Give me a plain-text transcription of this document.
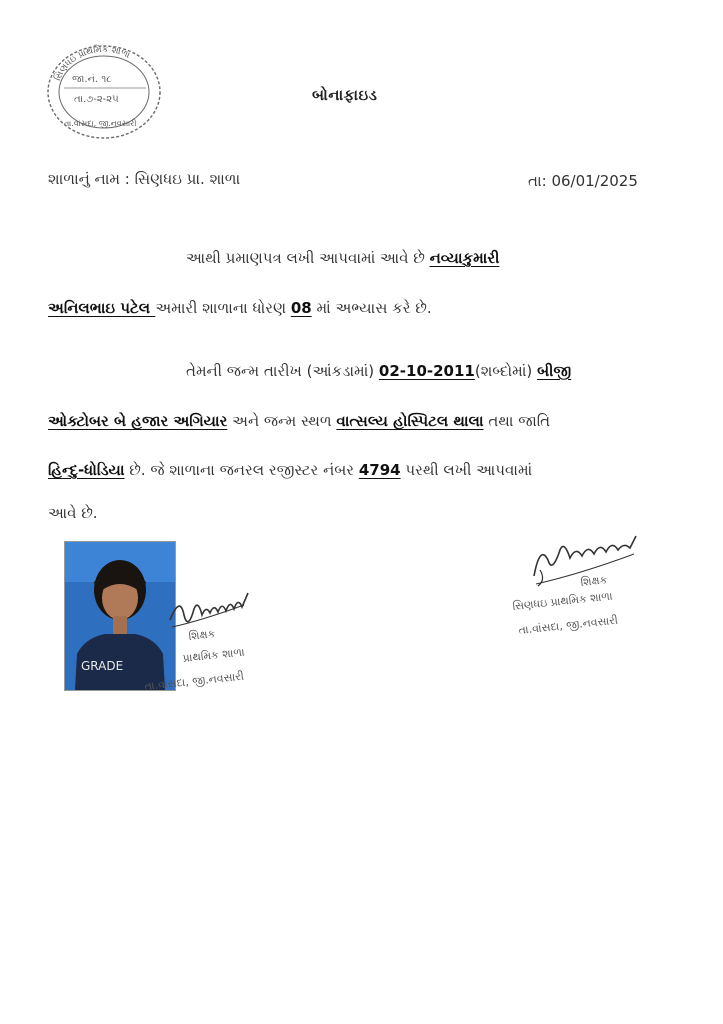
સિણધઇ પ્રાથમિક શાળા
જા.નં. ૧૮
તા.૭-૨-૨૫
તા.વાંસદા, જી.નવસારી
બોનાફાઇડ
શાળાનું નામ : સિણધઇ પ્રા. શાળા	તા: 06/01/2025
આથી પ્રમાણપત્ર લખી આપવામાં આવે છે નવ્યાકુમારી
અનિલભાઇ પટેલ અમારી શાળાના ધોરણ 08 માં અભ્યાસ કરે છે.
તેમની જન્મ તારીખ (આંકડામાં) 02-10-2011(શબ્દોમાં) બીજી
ઓક્ટોબર બે હજાર અગિયાર અને જન્મ સ્થળ વાત્સલ્ય હોસ્પિટલ થાલા તથા જાતિ
હિન્દુ-ધોડિયા છે. જે શાળાના જનરલ રજીસ્ટર નંબર 4794 પરથી લખી આપવામાં
આવે છે.
GRADE
શિક્ષક
પ્રાથમિક શાળા
તા.વાંસદા, જી.નવસારી
શિક્ષક
સિણધઇ પ્રાથમિક શાળા
તા.વાંસદા, જી.નવસારી
